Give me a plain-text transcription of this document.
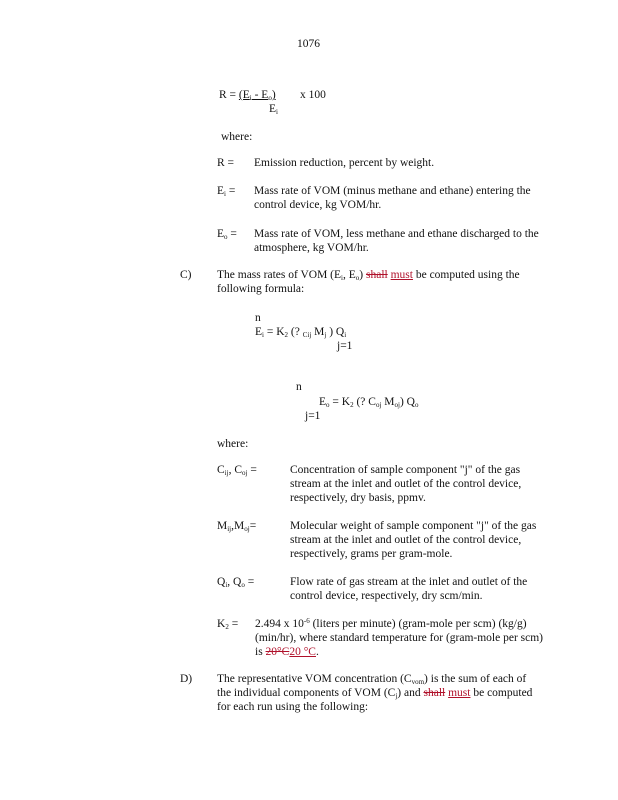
1076
$R = (E_i - E_o)$
$E_i$
x 100
where:
R = Emission reduction, percent by weight.
$E_i$ = Mass rate of VOM (minus methane and ethane) entering the control device, kg VOM/hr.
$E_o$ = Mass rate of VOM, less methane and ethane discharged to the atmosphere, kg VOM/hr.
C) The mass rates of VOM ($E_i$, $E_o$) shall must be computed using the following formula:
n
$E_i = K_2$ (? $_{Cij}$ $M_j$ ) $Q_i$
j=1
n
$E_o = K_2$ (? $C_{oj}$ $M_{oj}$) $Q_o$
j=1
where:
$C_{ij}$, $C_{oj}$ =	Concentration of sample component "j" of the gas stream at the inlet and outlet of the control device, respectively, dry basis, ppmv.
$M_{ij},M_{oj}=$	Molecular weight of sample component "j" of the gas stream at the inlet and outlet of the control device, respectively, grams per gram-mole.
$Q_i$, $Q_o$ =	Flow rate of gas stream at the inlet and outlet of the control device, respectively, dry scm/min.
$K_2 = 2.494$ x $10^{-6}$ (liters per minute) (gram-mole per scm) (kg/g) (min/hr), where standard temperature for (gram-mole per scm) is 20°C20 °C.
D) The representative VOM concentration $(C_{vom})$ is the sum of each of the individual components of VOM $(C_j)$ and shall must be computed for each run using the following:
